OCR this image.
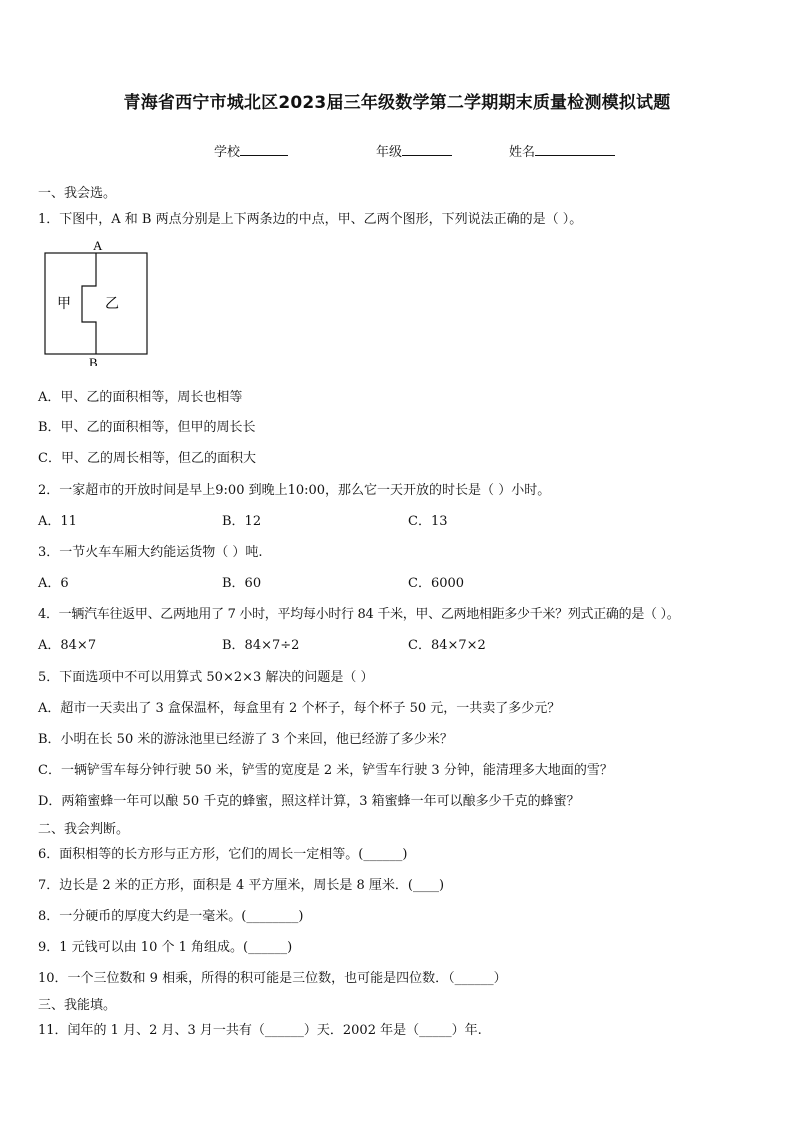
青海省西宁市城北区2023届三年级数学第二学期期末质量检测模拟试题
学校	年级	姓名
一、我会选。
1．下图中，A 和 B 两点分别是上下两条边的中点，甲、乙两个图形，下列说法正确的是（ ）。
A
B
甲 乙
A．甲、乙的面积相等，周长也相等
B．甲、乙的面积相等，但甲的周长长
C．甲、乙的周长相等，但乙的面积大
2．一家超市的开放时间是早上9:00 到晚上10:00，那么它一天开放的时长是（ ）小时。
A．11	B．12	C．13
3．一节火车车厢大约能运货物（ ）吨.
A．6	B．60	C．6000
4．一辆汽车往返甲、乙两地用了 7 小时，平均每小时行 84 千米，甲、乙两地相距多少千米？列式正确的是（ ）。
A．84×7	B．84×7÷2	C．84×7×2
5．下面选项中不可以用算式 50×2×3 解决的问题是（ ）
A．超市一天卖出了 3 盒保温杯，每盒里有 2 个杯子，每个杯子 50 元，一共卖了多少元？
B．小明在长 50 米的游泳池里已经游了 3 个来回，他已经游了多少米？
C．一辆铲雪车每分钟行驶 50 米，铲雪的宽度是 2 米，铲雪车行驶 3 分钟，能清理多大地面的雪？
D．两箱蜜蜂一年可以酿 50 千克的蜂蜜，照这样计算，3 箱蜜蜂一年可以酿多少千克的蜂蜜？
二、我会判断。
6．面积相等的长方形与正方形，它们的周长一定相等。(______)
7．边长是 2 米的正方形，面积是 4 平方厘米，周长是 8 厘米．(____)
8．一分硬币的厚度大约是一毫米。(________)
9．1 元钱可以由 10 个 1 角组成。(______)
10．一个三位数和 9 相乘，所得的积可能是三位数，也可能是四位数．（______）
三、我能填。
11．闰年的 1 月、2 月、3 月一共有（______）天．2002 年是（_____）年.
